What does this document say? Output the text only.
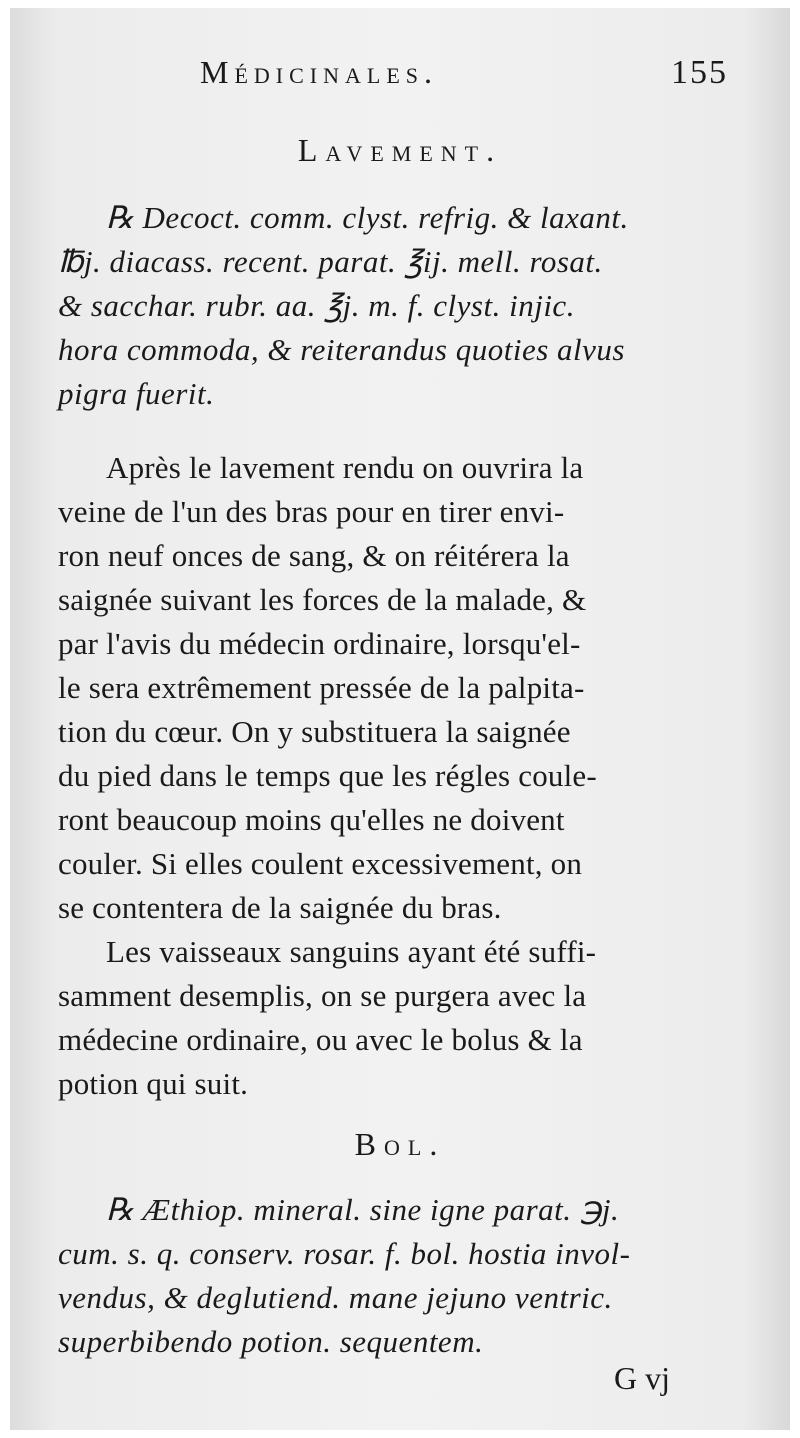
Médicinales.	155
Lavement.
℞ Decoct. comm. clyst. refrig. & laxant.
℔j. diacass. recent. parat. ℥ij. mell. rosat.
& sacchar. rubr. aa. ℥j. m. f. clyst. injic.
hora commoda, & reiterandus quoties alvus
pigra fuerit.
Après le lavement rendu on ouvrira la
veine de l'un des bras pour en tirer envi-
ron neuf onces de sang, & on réitérera la
saignée suivant les forces de la malade, &
par l'avis du médecin ordinaire, lorsqu'el-
le sera extrêmement pressée de la palpita-
tion du cœur. On y substituera la saignée
du pied dans le temps que les régles coule-
ront beaucoup moins qu'elles ne doivent
couler. Si elles coulent excessivement, on
se contentera de la saignée du bras.
Les vaisseaux sanguins ayant été suffi-
samment desemplis, on se purgera avec la
médecine ordinaire, ou avec le bolus & la
potion qui suit.
Bol.
℞ Æthiop. mineral. sine igne parat. ℈j.
cum. s. q. conserv. rosar. f. bol. hostia invol-
vendus, & deglutiend. mane jejuno ventric.
superbibendo potion. sequentem.
G vj
